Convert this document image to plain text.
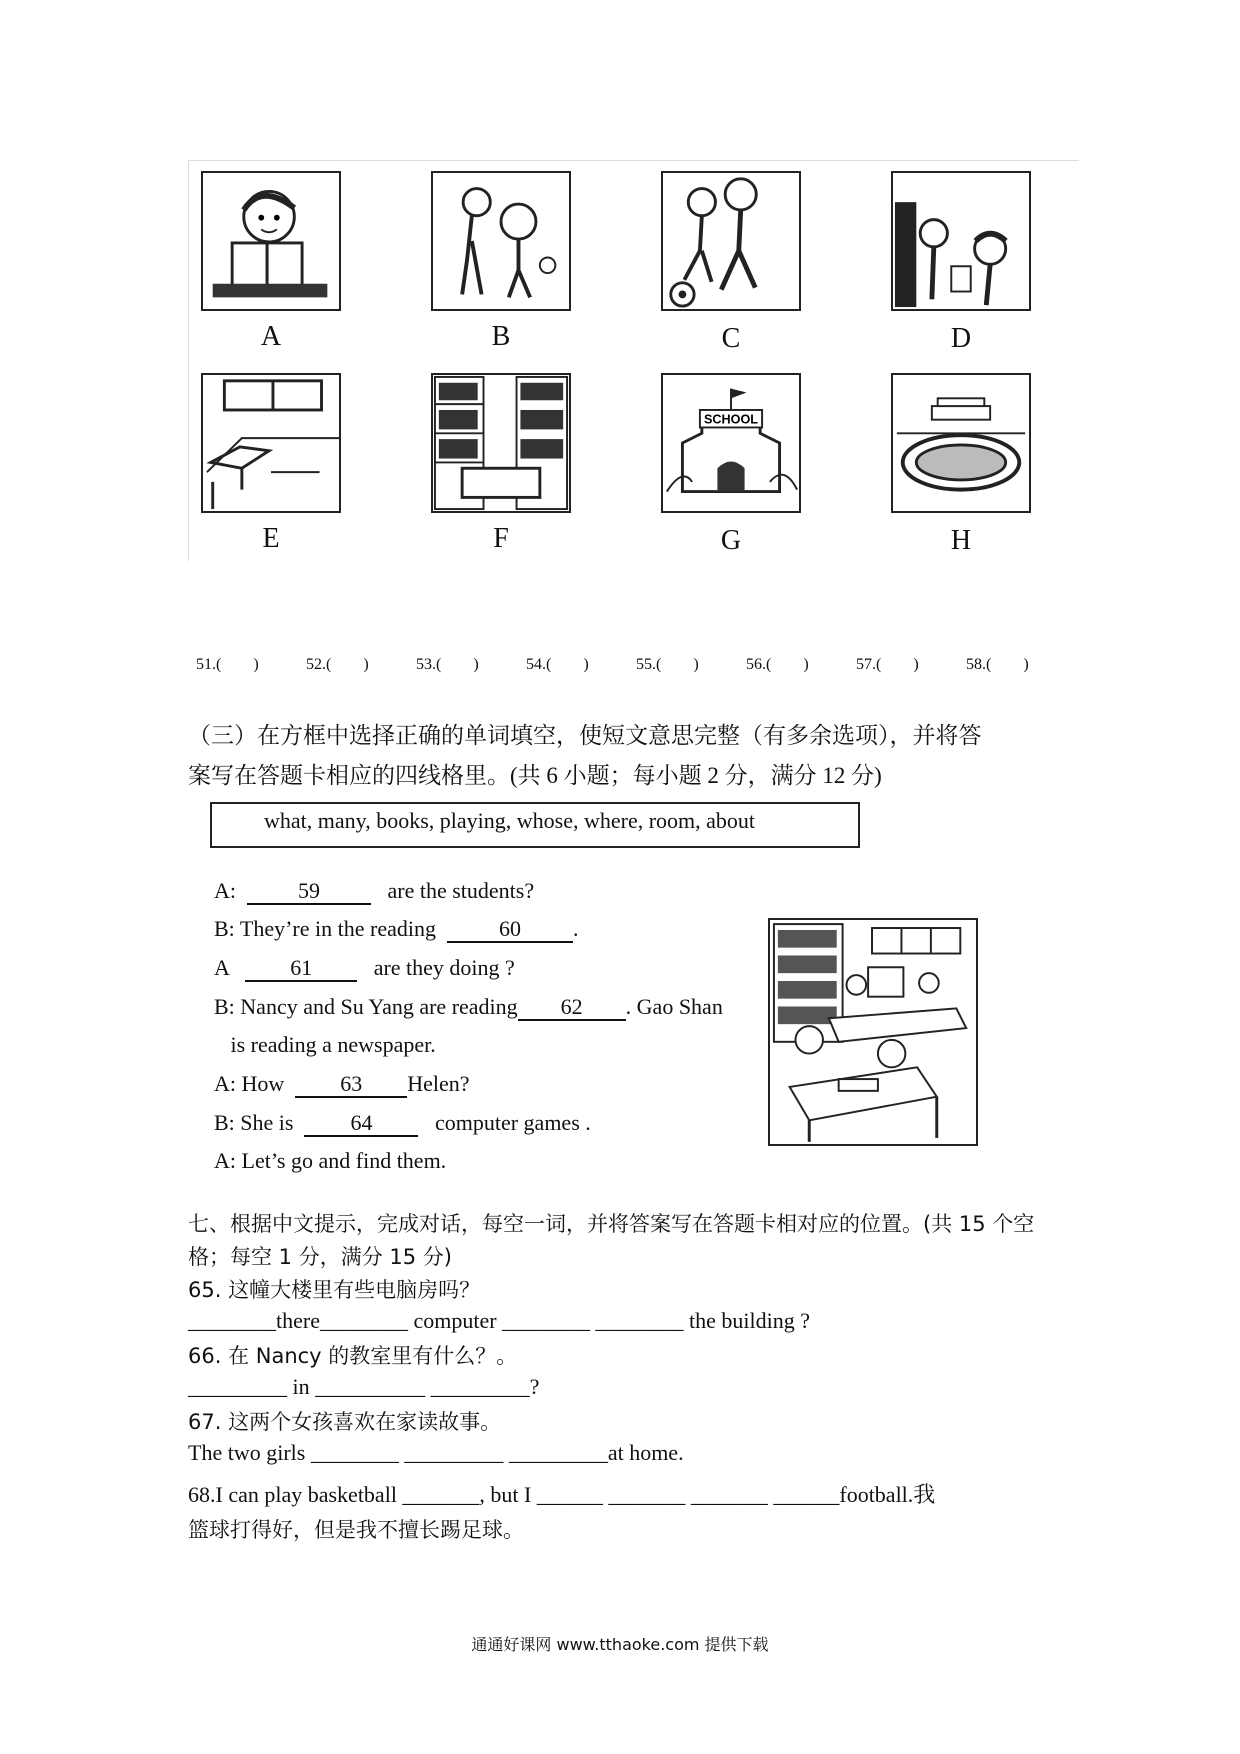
A	B	C	D
SCHOOL
E	F	G	H

51.(        )	52.(        )	53.(        )	54.(        )	55.(        )	56.(        )	57.(        )	58.(        )

（三）在方框中选择正确的单词填空，使短文意思完整（有多余选项），并将答
案写在答题卡相应的四线格里。(共 6 小题；每小题 2 分，满分 12 分)
what, many, books, playing, whose, where, room, about
A:  59   are the students?
B: They’re in the reading  60 .
A   61   are they doing ?
B: Nancy and Su Yang are reading 62 . Gao Shan
is reading a newspaper.
A: How  63 Helen?
B: She is  64   computer games .
A: Let’s go and find them.
七、根据中文提示，完成对话，每空一词，并将答案写在答题卡相对应的位置。(共 15 个空
格；每空 1 分，满分 15 分)
65. 这幢大楼里有些电脑房吗？
________there________ computer ________ ________ the building ?
66. 在 Nancy 的教室里有什么？。
_________ in __________ _________?
67. 这两个女孩喜欢在家读故事。
The two girls ________ _________ _________at home.
68.I can play basketball _______, but I ______ _______ _______ ______football.我
篮球打得好，但是我不擅长踢足球。
通通好课网 www.tthaoke.com 提供下载
